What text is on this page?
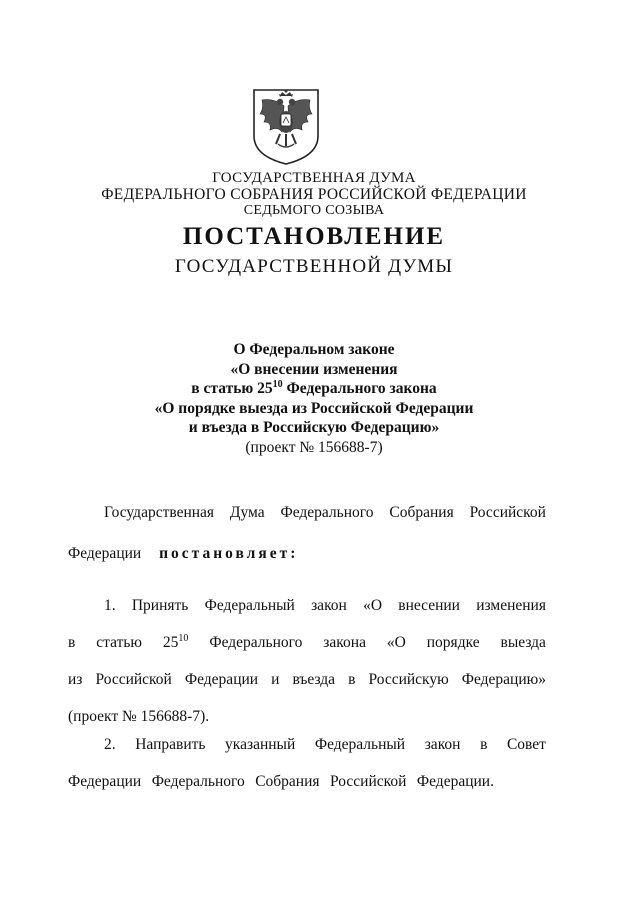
ГОСУДАРСТВЕННАЯ ДУМА
ФЕДЕРАЛЬНОГО СОБРАНИЯ РОССИЙСКОЙ ФЕДЕРАЦИИ
СЕДЬМОГО СОЗЫВА
ПОСТАНОВЛЕНИЕ
ГОСУДАРСТВЕННОЙ ДУМЫ
О Федеральном законе
«О внесении изменения
в статью $25^{10}$ Федерального закона
«О порядке выезда из Российской Федерации
и въезда в Российскую Федерацию»
(проект № 156688-7)
Государственная Дума Федерального Собрания Российской
Федерации постановляет:
1. Принять Федеральный закон «О внесении изменения
в статью $25^{10}$ Федерального закона «О порядке выезда
из Российской Федерации и въезда в Российскую Федерацию»
(проект № 156688-7).
2. Направить указанный Федеральный закон в Совет
Федерации Федерального Собрания Российской Федерации.
